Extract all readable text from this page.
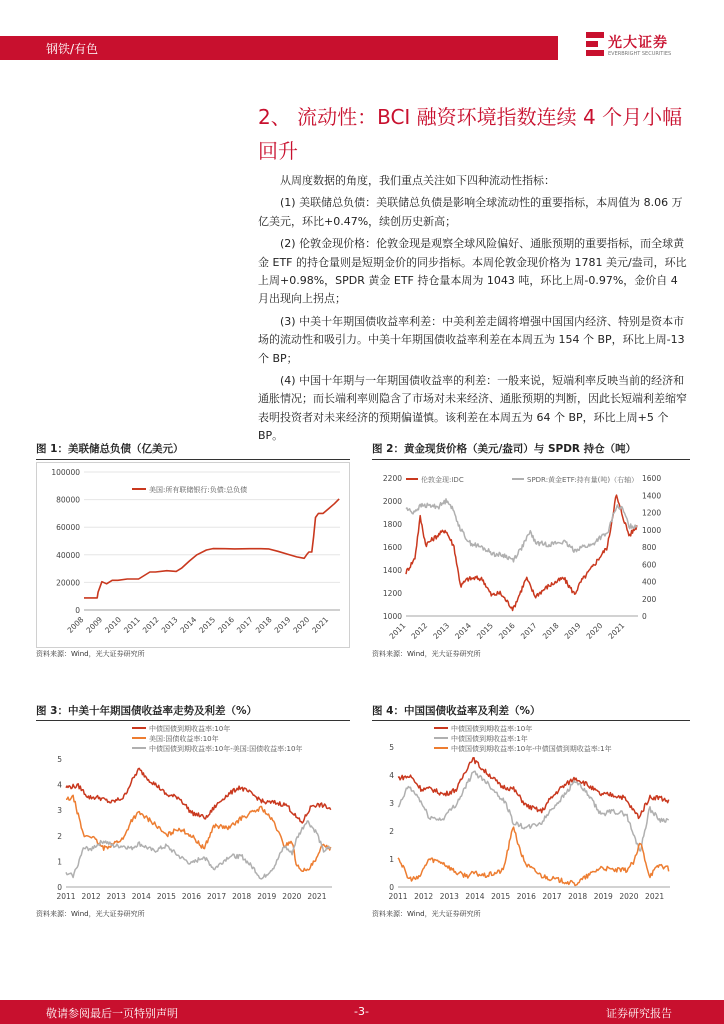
钢铁/有色	光大证券
EVERBRIGHT SECURITIES
2、 流动性：BCI 融资环境指数连续 4 个月小幅回升

从周度数据的角度，我们重点关注如下四种流动性指标：

(1) 美联储总负债：美联储总负债是影响全球流动性的重要指标，本周值为 8.06 万亿美元，环比+0.47%，续创历史新高；

(2) 伦敦金现价格：伦敦金现是观察全球风险偏好、通胀预期的重要指标，而全球黄金 ETF 的持仓量则是短期金价的同步指标。本周伦敦金现价格为 1781 美元/盎司，环比上周+0.98%，SPDR 黄金 ETF 持仓量本周为 1043 吨，环比上周-0.97%，金价自 4 月出现向上拐点；

(3) 中美十年期国债收益率利差：中美利差走阔将增强中国国内经济、特别是资本市场的流动性和吸引力。中美十年期国债收益率利差在本周五为 154 个 BP，环比上周-13 个 BP；

(4) 中国十年期与一年期国债收益率的利差：一般来说，短端利率反映当前的经济和通胀情况；而长端利率则隐含了市场对未来经济、通胀预期的判断，因此长短端利差缩窄表明投资者对未来经济的预期偏谨慎。该利差在本周五为 64 个 BP，环比上周+5 个 BP。

图 1：美联储总负债（亿美元）
0
20000
40000
60000
80000
100000
2008
2009
2010
2011
2012
2013
2014
2015
2016
2017
2018
2019
2020
2021
美国:所有联储银行:负债:总负债
资料来源：Wind，光大证券研究所
图 2：黄金现货价格（美元/盎司）与 SPDR 持仓（吨）
1000
1200
1400
1600
1800
2000
2200
0
200
400
600
800
1000
1200
1400
1600
2011 2012 2013 2014 2015 2016 2017 2018 2019 2020 2021
伦敦金现:IDC	SPDR:黄金ETF:持有量(吨)（右轴）
资料来源：Wind，光大证券研究所
图 3：中美十年期国债收益率走势及利差（%）
0
1
2
3
4
5
2011 2012 2013 2014 2015 2016 2017 2018 2019 2020 2021
中债国债到期收益率:10年
美国:国债收益率:10年
中债国债到期收益率:10年-美国:国债收益率:10年
资料来源：Wind，光大证券研究所
图 4：中国国债收益率及利差（%）
0
1
2
3
4
5
2011 2012 2013 2014 2015 2016 2017 2018 2019 2020 2021
中债国债到期收益率:10年
中债国债到期收益率:1年
中债国债到期收益率:10年-中债国债到期收益率:1年
资料来源：Wind，光大证券研究所
敬请参阅最后一页特别声明	-3-	证券研究报告
